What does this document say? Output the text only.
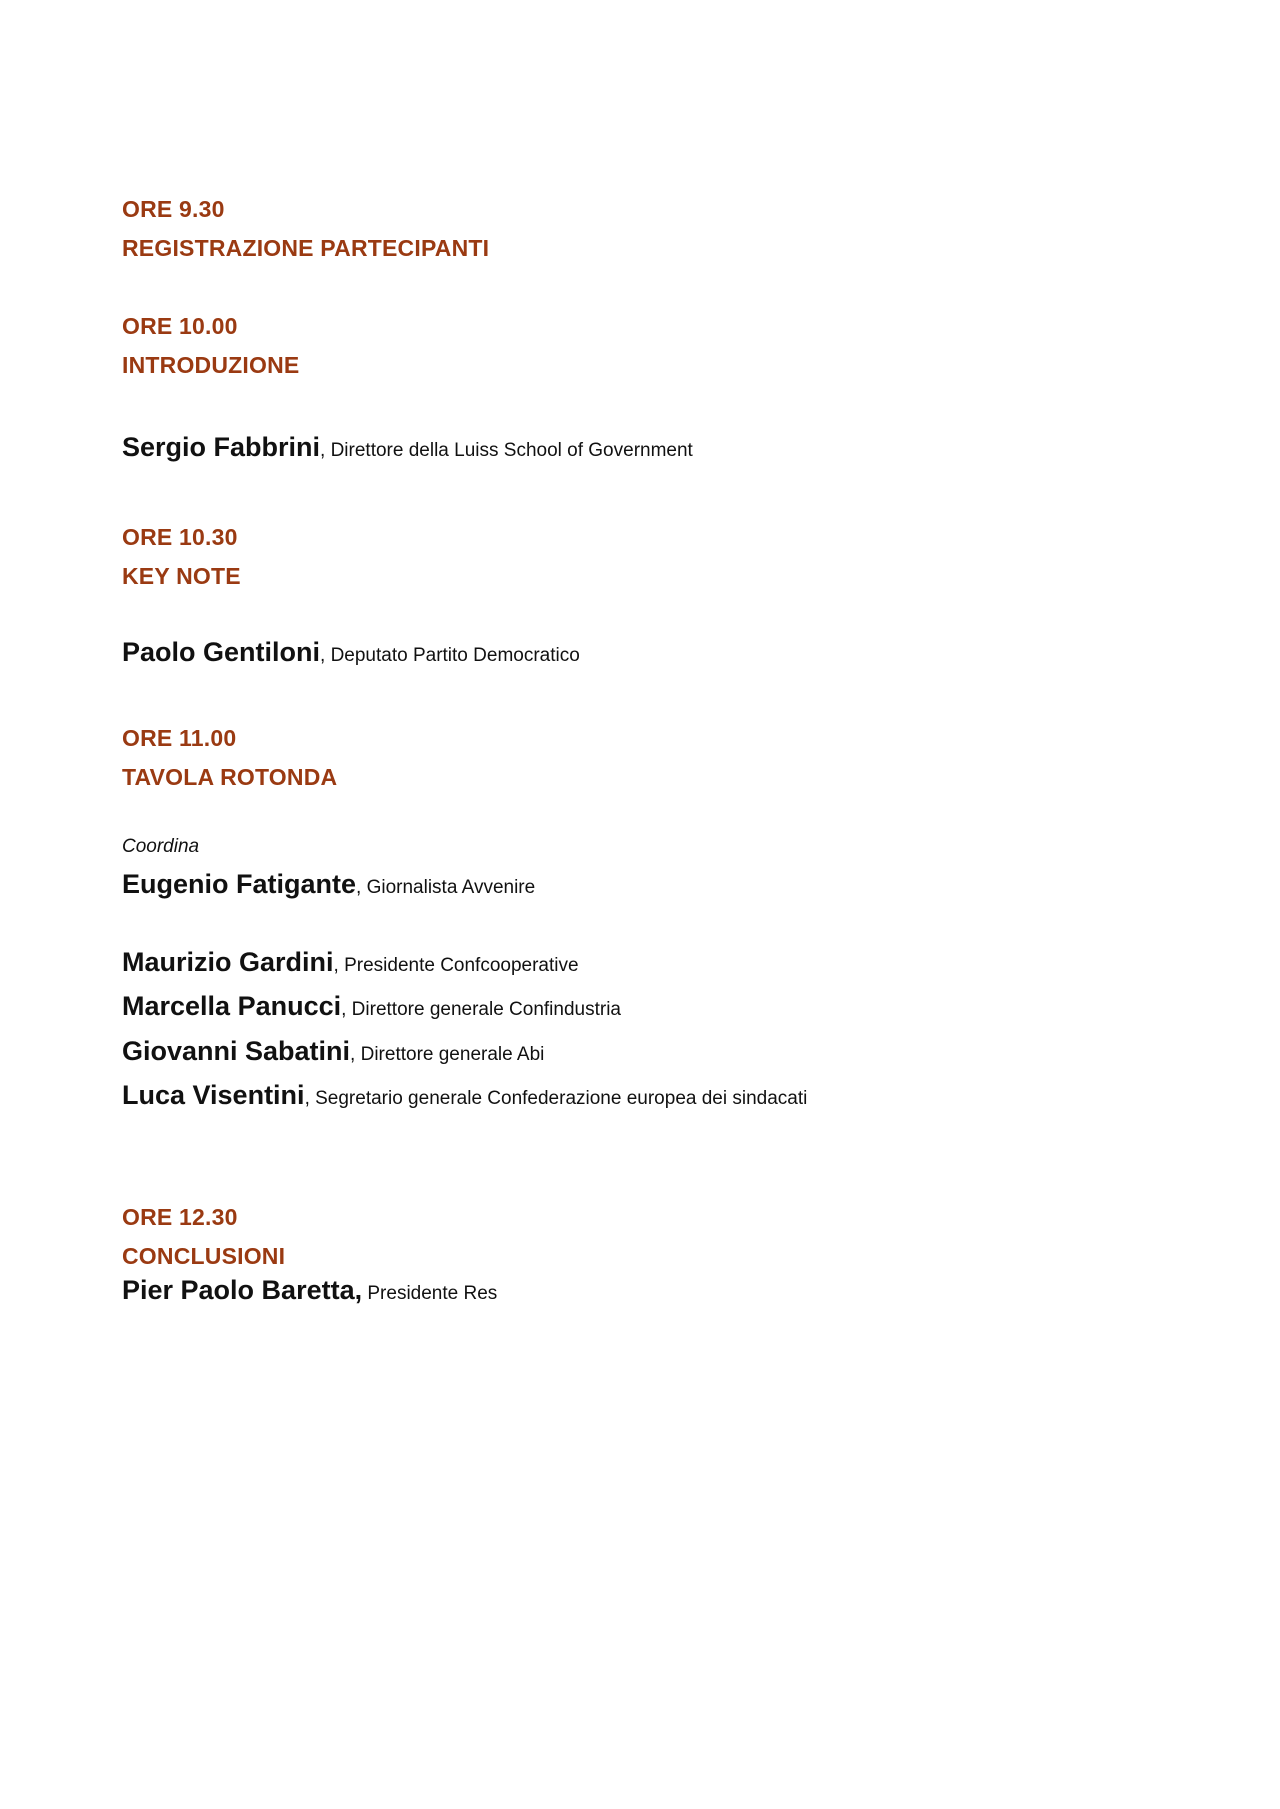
ORE 9.30
REGISTRAZIONE PARTECIPANTI
ORE 10.00
INTRODUZIONE
Sergio Fabbrini, Direttore della Luiss School of Government
ORE 10.30
KEY NOTE
Paolo Gentiloni, Deputato Partito Democratico
ORE 11.00
TAVOLA ROTONDA
Coordina
Eugenio Fatigante, Giornalista Avvenire
Maurizio Gardini, Presidente Confcooperative
Marcella Panucci, Direttore generale Confindustria
Giovanni Sabatini, Direttore generale Abi
Luca Visentini, Segretario generale Confederazione europea dei sindacati
ORE 12.30
CONCLUSIONI
Pier Paolo Baretta, Presidente Res
